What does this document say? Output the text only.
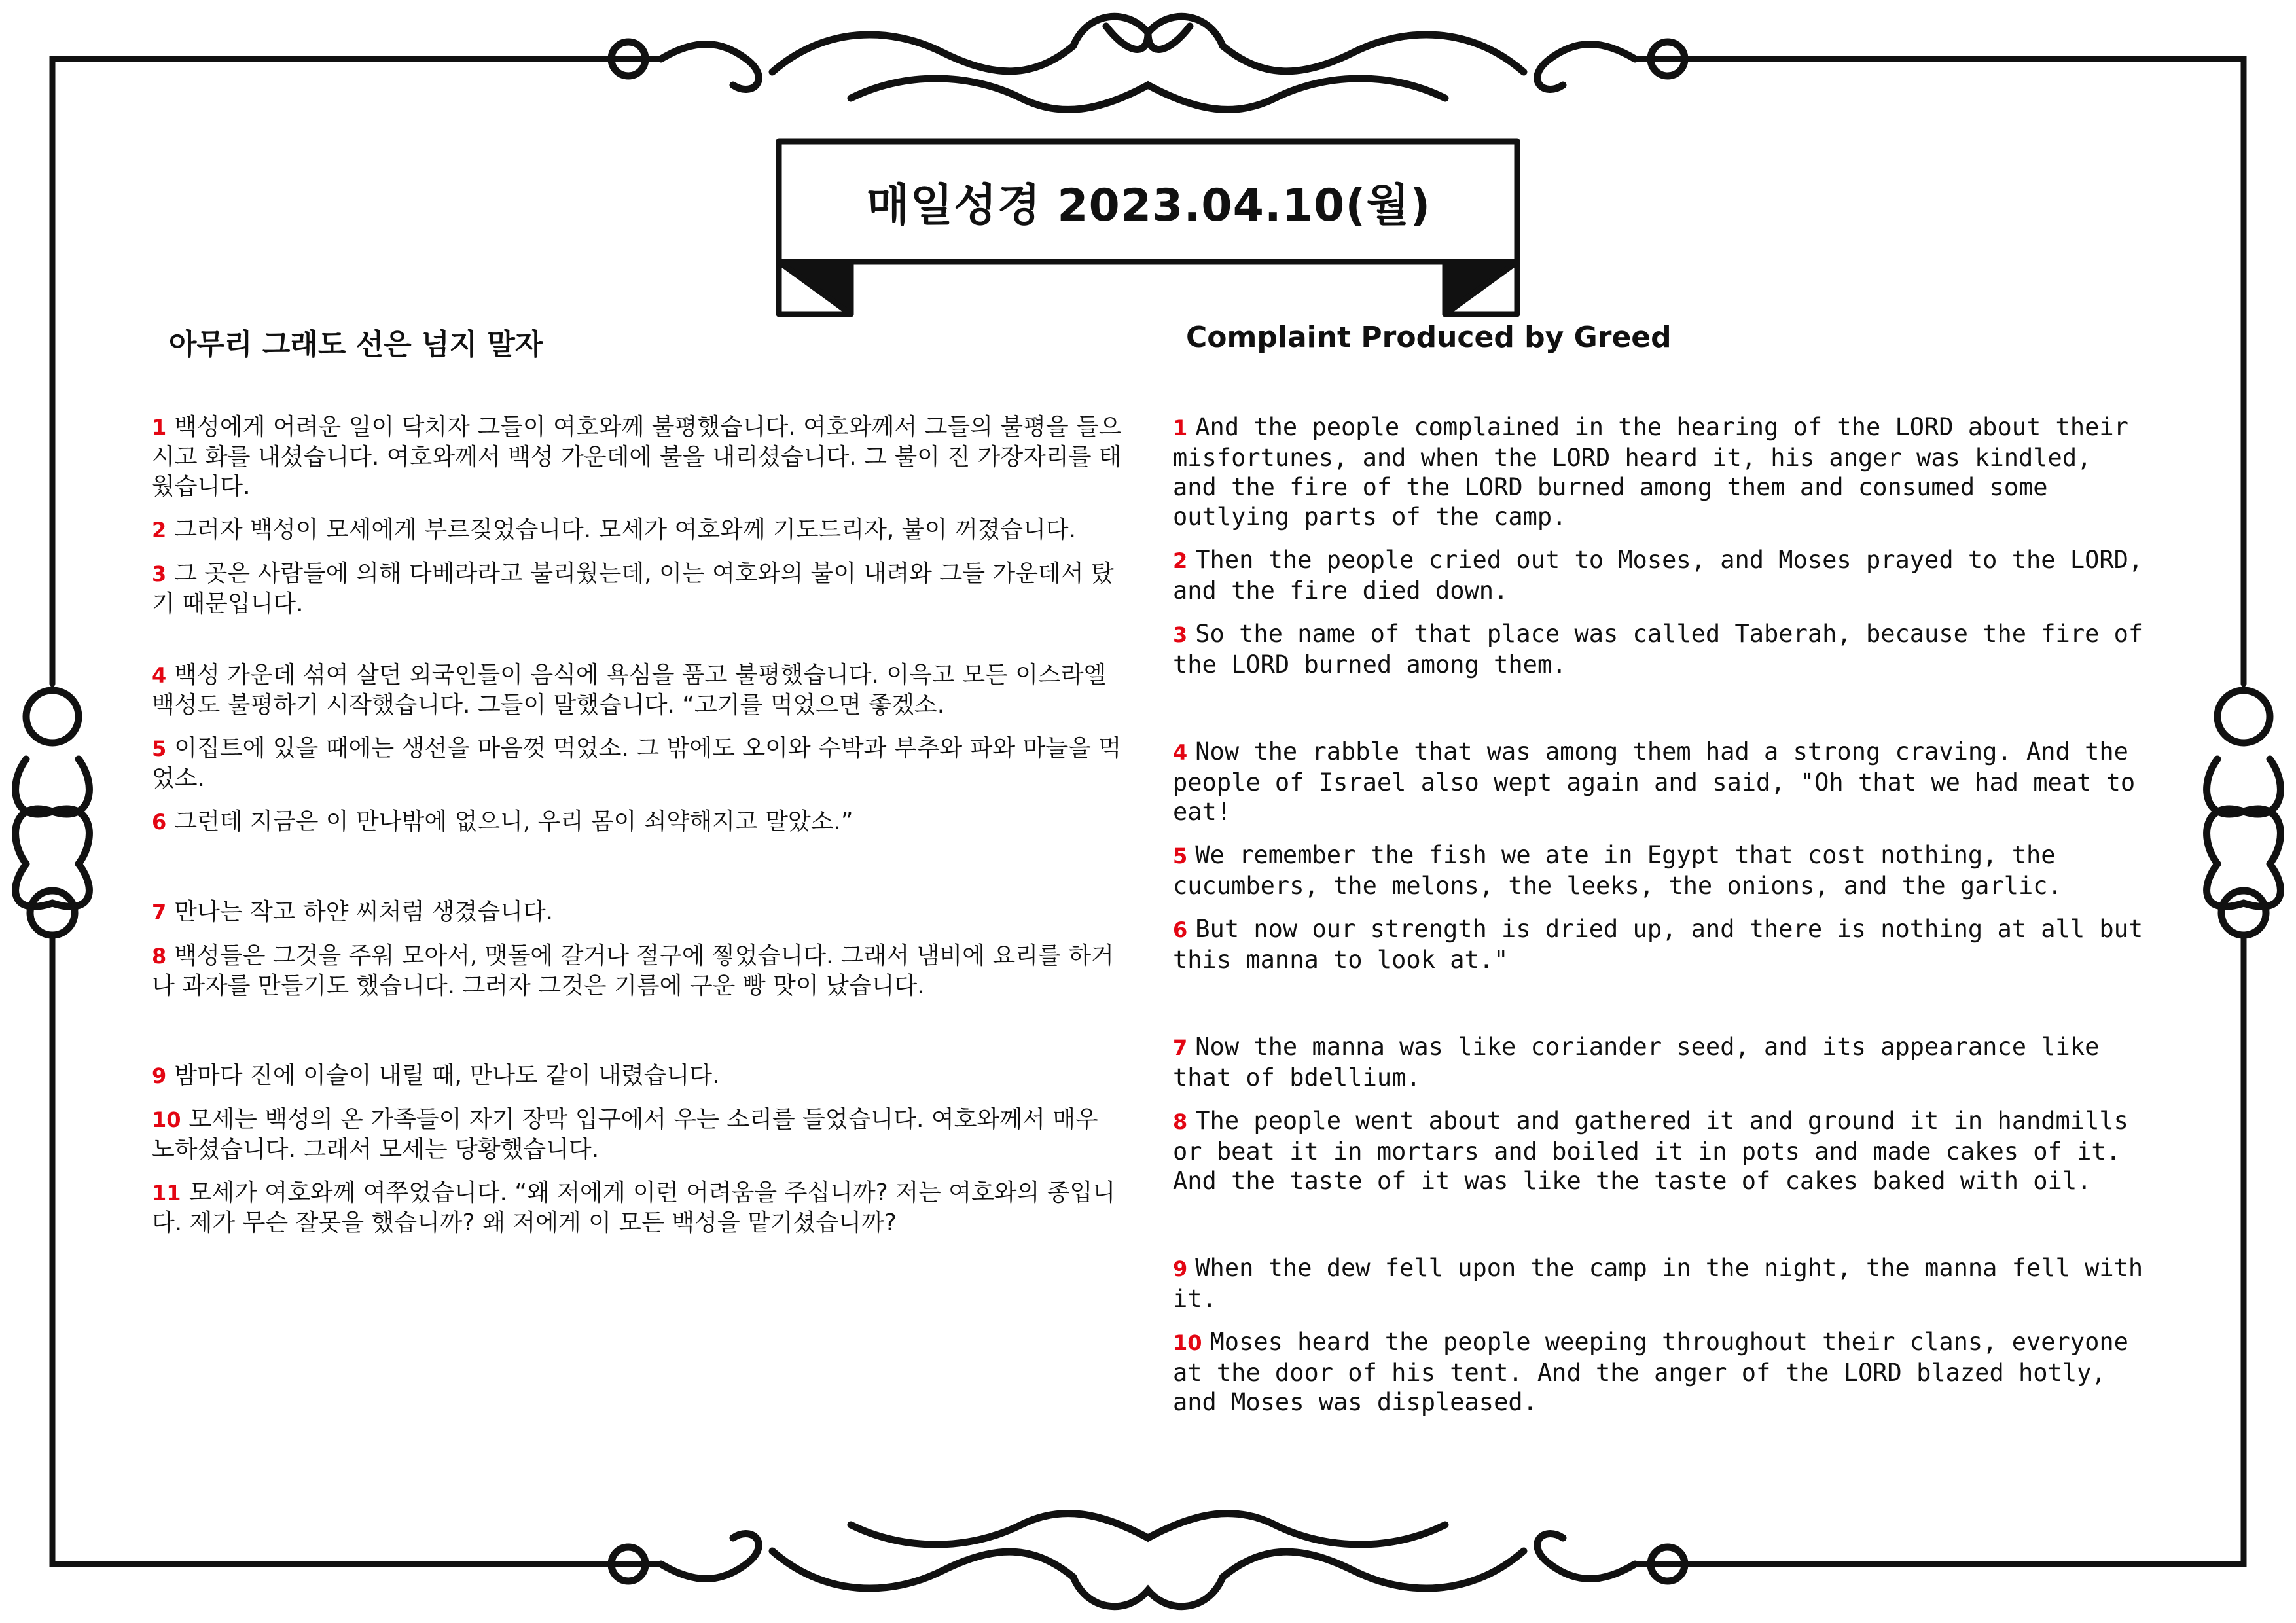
매일성경 2023.04.10(월)
아무리 그래도 선은 넘지 말자	Complaint Produced by Greed

1 백성에게 어려운 일이 닥치자 그들이 여호와께 불평했습니다. 여호와께서 그들의 불평을 들으시고 화를 내셨습니다. 여호와께서 백성 가운데에 불을 내리셨습니다. 그 불이 진 가장자리를 태웠습니다.

2 그러자 백성이 모세에게 부르짖었습니다. 모세가 여호와께 기도드리자, 불이 꺼졌습니다.

3 그 곳은 사람들에 의해 다베라라고 불리웠는데, 이는 여호와의 불이 내려와 그들 가운데서 탔기 때문입니다.

4 백성 가운데 섞여 살던 외국인들이 음식에 욕심을 품고 불평했습니다. 이윽고 모든 이스라엘 백성도 불평하기 시작했습니다. 그들이 말했습니다. “고기를 먹었으면 좋겠소.

5 이집트에 있을 때에는 생선을 마음껏 먹었소. 그 밖에도 오이와 수박과 부추와 파와 마늘을 먹었소.

6 그런데 지금은 이 만나밖에 없으니, 우리 몸이 쇠약해지고 말았소.”

7 만나는 작고 하얀 씨처럼 생겼습니다.

8 백성들은 그것을 주워 모아서, 맷돌에 갈거나 절구에 찧었습니다. 그래서 냄비에 요리를 하거나 과자를 만들기도 했습니다. 그러자 그것은 기름에 구운 빵 맛이 났습니다.

9 밤마다 진에 이슬이 내릴 때, 만나도 같이 내렸습니다.

10 모세는 백성의 온 가족들이 자기 장막 입구에서 우는 소리를 들었습니다. 여호와께서 매우 노하셨습니다. 그래서 모세는 당황했습니다.

11 모세가 여호와께 여쭈었습니다. “왜 저에게 이런 어려움을 주십니까? 저는 여호와의 종입니다. 제가 무슨 잘못을 했습니까? 왜 저에게 이 모든 백성을 맡기셨습니까?

1 And the people complained in the hearing of the LORD about their misfortunes, and when the LORD heard it, his anger was kindled, and the fire of the LORD burned among them and consumed some outlying parts of the camp.

2 Then the people cried out to Moses, and Moses prayed to the LORD, and the fire died down.

3 So the name of that place was called Taberah, because the fire of the LORD burned among them.

4 Now the rabble that was among them had a strong craving. And the people of Israel also wept again and said, "Oh that we had meat to eat!

5 We remember the fish we ate in Egypt that cost nothing, the cucumbers, the melons, the leeks, the onions, and the garlic.

6 But now our strength is dried up, and there is nothing at all but this manna to look at."

7 Now the manna was like coriander seed, and its appearance like that of bdellium.

8 The people went about and gathered it and ground it in handmills or beat it in mortars and boiled it in pots and made cakes of it. And the taste of it was like the taste of cakes baked with oil.

9 When the dew fell upon the camp in the night, the manna fell with it.

10 Moses heard the people weeping throughout their clans, everyone at the door of his tent. And the anger of the LORD blazed hotly, and Moses was displeased.
